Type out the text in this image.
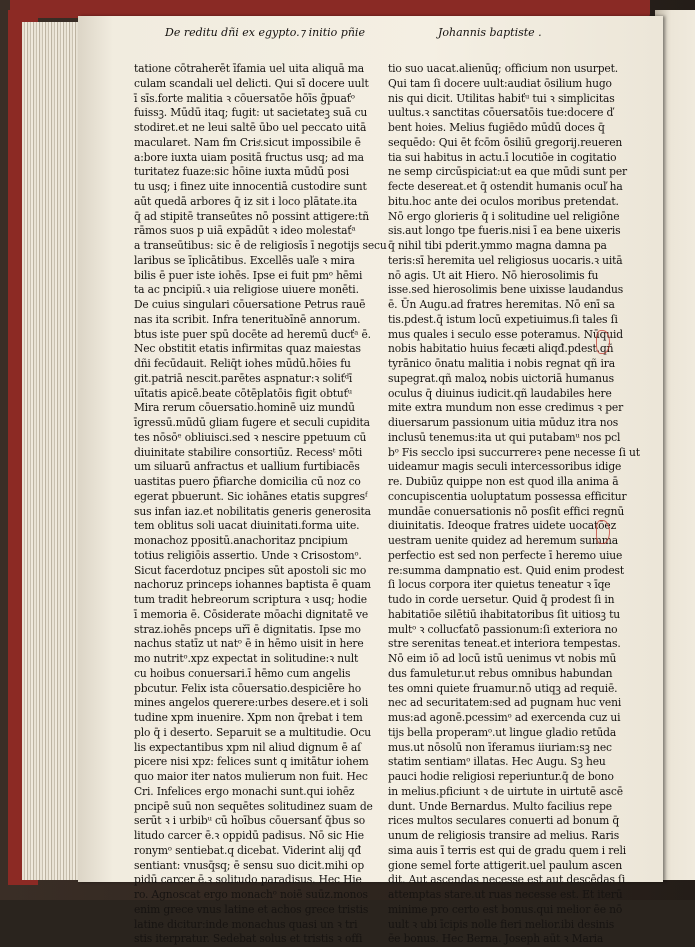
De reditu dñi ex egypto.⁊ initio pñie	Johannis baptiste .
tatione cōtraherēt īfamia uel uita aliquā ma
culam scandali uel delicti. Qui sī docere uult
ī sīs.forte malitia ꝛ cōuersatōe hōīs ḡpuaťᵒ
fuissꝫ. Mūdū itaq; fugit: ut sacietateꝫ suā cu
stodiret.et ne leui saltē ūbo uel peccato uitā
macularet. Nam fm Crisͤ.sicut impossibile ē
a:bore iuxta uiam positā fructus usq; ad ma
turitatez fuaze:sic hōine iuxta mūdū posi
tu usq; i finez uite innocentiā custodire sunt
aūt quedā arbores q̄ iz sit i loco plātate.ita
q̄ ad stipitē transeūtes nō possint attigere:tñ
rāmos suos p uiā expādūt ꝛ ideo molestaťᵃ
a transeūtibus: sic ē de religiosīs ī negotijs secu
laribus se īplicātibus. Excellēs uaľe ꝛ mira
bilis ē puer iste iohēs. Ipse ei fuit pmᵒ hēmi
ta ac pncipiū.ꝛ uia religiose uiuere monēti.
De cuius singulari cōuersatione Petrus rauē
nas ita scribit. Infra tenerituꝺīnē annorum.
btus iste puer spū docēte ad heremū ducťᵃ ē.
Nec obstitit etatis infirmitas quaz maiestas
dñi fecūdauit. Reliq̄t iohes mūdū.hōies fu
git.patriā nescit.parētes aspnatur:ꝛ soliťᵈī
uītatis apicē.beate cōtēplatōis figit obtuťᵘ
Mira rerum cōuersatio.hominē uiz mundū
īgressū.mūdū gliam fugere et seculi cupidita
tes nōsōᵉ obliuisci.sed ꝛ nescire ppetuum cū
diuinitate stabilire consortiūz. Recessᵗ mōti
um siluarū anfractus et uallium furtiḃiacēs
uastitas puero p̄fiarche domicilia cū noz co
egerat pbuerunt. Sic iohānes etatis supgresᶠ
sus infan iaz.et nobilitatis generis generosita
tem oblitus soli uacat diuinitati.forma uite.
monachoz ppositū.anachoritaz pncipium
totius religiōis assertio. Unde ꝛ Crisostomᵒ.
Sicut facerdotuz pncipes sūt apostoli sic mo
nachoruz princeps iohannes baptista ē quam
tum tradit hebreorum scriptura ꝛ usq; hodie
ī memoria ē. Cōsiderate mōachi dignitatē ve
straz.iohēs pnceps uřī ē dignitatis. Ipse mo
nachus statīz ut natᵒ ē in hēmo uisit in here
mo nutritᵒ.xpz expectat in solitudine:ꝛ nult
cu hoibus conuersari.ī hēmo cum angelis
pbcutur. Felix ista cōuersatio.despiciēre ho
mines angelos querere:urbes desere.et i soli
tudine xpm inuenire. Xpm non q̄rebat i tem
plo q̄ i deserto. Separuit se a multitudie. Ocu
lis expectantibus xpm nil aliud dignum ē aſ
picere nisi xpz: felices sunt q imitātur iohem
quo maior iter natos mulierum non fuit. Hec
Cri. Infelices ergo monachi sunt.qui iohēz
pncipē suū non sequētes solitudinez suam de
serūt ꝛ i urbibᵘ cū hoībus cōuersanť q̄bus so
litudo carcer ē.ꝛ oppidū padisus. Nō sic Hie
ronymᵒ sentiebat.q dicebat. Viderint alij qđ
sentiant: vnusq̄sq; ē sensu suo dicit.mihi op
pidū carcer ē.ꝛ solitudo paradisus. Hec Hie
ro. Agnoscat ergo monachᵒ noiē suūz.monos
enim grece vnus latine et achos grece tristis
latine dicitur:inde monachus quasi un ꝛ tri
stis iterpratur. Sedebat solus et tristis ꝛ offi
tio suo uacat.alienūq; officium non usurpet.
Qui tam ſi docere uult:audiat ōsilium hugo
nis qui dicit. Utilitas habiťᵘ tui ꝛ simplicitas
uultus.ꝛ sanctitas cōuersatōis tue:docere ď
bent hoies. Melius fugiēdo mūdū doces q̄
sequēdo: Qui ēt fcōm ōsiliū gregorij.reueren
tia sui habitus in actu.ī locutiōe in cogitatio
ne semp circūspiciat:ut ea que mūdi sunt per
fecte desereat.et q̄ ostendit humanis ocuľ ha
bitu.hoc ante dei oculos moribus pretendat.
Nō ergo glorieris q̄ i solitudine uel religiōne
sis.aut longo tpe fueris.nisi ī ea bene uixeris
q̄ nihil tibi pderit.ymmo magna damna pa
teris:sī heremita uel religiosus uocaris.ꝛ uitā
nō agis. Ut ait Hiero. Nō hierosolimis fu
isse.sed hierosolimis bene uixisse laudandus
ē. Ūn Augu.ad fratres heremitas. Nō enī sa
tis.pdest.q̄ istum locū expetiuimus.ſi tales ſi
mus quales i seculo esse poteramus. Nūquid
nobis habitatio huius fecæti aliqđ.pdest.qñ
tyrānico ōnatu malitia i nobis regnat qñ ira
supegrat.qñ maloꝝ nobis uictoriā humanus
oculus q̄ diuinus iudicit.qñ laudabiles here
mite extra mundum non esse credimus ꝛ per
diuersarum passionum uitia mūduz itra nos
inclusū tenemus:ita ut qui putabamᵘ nos pcl
bᵒ Fis secclo ipsi succurrereꝛ pene necesse ſi ut
uideamur magis seculi intercessoribus idige
re. Dubiūz quippe non est quod illa anima ā
concupiscentia uoluptatum possessa efficitur
mundāe conuersationis nō posſit effici regnū
diuinitatis. Ideoque fratres uidete uocatōez
uestram uenite quidez ad heremum summa
perfectio est sed non perfecte ī heremo uiue
re:summa dampnatio est. Quid enim prodest
ſi locus corpora iter quietus teneatur ꝛ īqe
tudo in corde uersetur. Quid q̄ prodest ſi in
habitatiōe silētiū ihabitatoribus ſit uitiosꝫ tu
multᵒ ꝛ collucťatō passionum:ſi exteriora no
stre serenitas teneat.et interiora tempestas.
Nō eim iō ad locū istū uenimus vt nobis mū
dus famuletur.ut rebus omnibus habundan
tes omni quiete fruamur.nō utiqꝫ ad requiē.
nec ad securitatem:sed ad pugnam huc veni
mus:ad agonē.pcessimᵒ ad exercenda cuz ui
tijs bella properamᵒ.ut lingue gladio retūda
mus.ut nōsolū non īferamus iiuriam:sꝫ nec
statim sentiamᵒ illatas. Hec Augu. Sꝫ heu
pauci hodie religiosi reperiuntur.q̄ de bono
in melius.pficiunt ꝛ de uirtute in uirtutē ascē
dunt. Unde Bernardus. Multo facilius repe
rices multos seculares conuerti ad bonum q̄
unum de religiosis transire ad melius. Raris
sima auis ī terris est qui de gradu quem i reli
gione semel forte attigerit.uel paulum ascen
dit. Aut ascendas necesse est aut descēdas ſi
attemptas stare.ut ruas necesse est. Et iterū
minime pro certo est bonus.qui melior ēe nō
uult ꝛ ubi īcipis nolle fieri melior.ibi desinis
ēe bonus. Hec Berna. Joseph aūt ꝛ Maria
